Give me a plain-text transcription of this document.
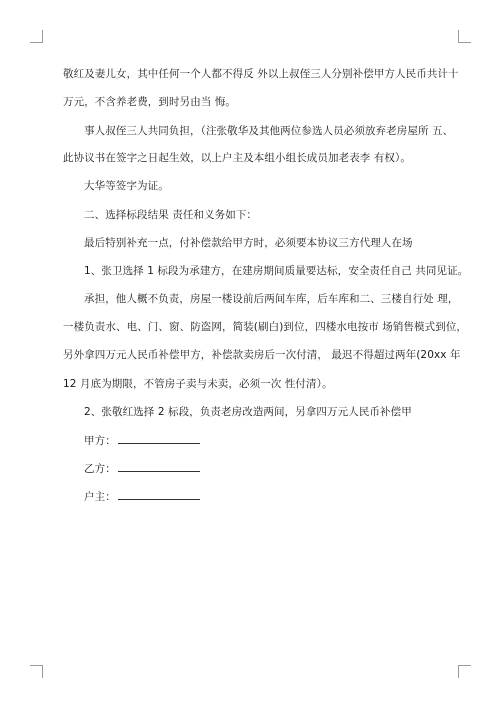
敬红及妻儿女，其中任何一个人都不得反 外以上叔侄三人分别补偿甲方人民币共计十
万元，不含养老费，到时另由当 悔。
事人叔侄三人共同负担，（注张敬华及其他两位参选人员必须放弃老房屋所 五、
此协议书在签字之日起生效，以上户主及本组小组长成员加老表李 有权）。
大华等签字为证。
二、选择标段结果 责任和义务如下：
最后特别补充一点，付补偿款给甲方时，必须要本协议三方代理人在场
1、张卫选择 1 标段为承建方，在建房期间质量要达标，安全责任自己 共同见证。
承担，他人概不负责，房屋一楼设前后两间车库，后车库和二、三楼自行处 理，
一楼负责水、电、门、窗、防盗网，简装(刷白)到位，四楼水电按市 场销售模式到位，
另外拿四万元人民币补偿甲方，补偿款卖房后一次付清， 最迟不得超过两年(20xx 年
12 月底为期限，不管房子卖与未卖，必须一次 性付清）。
2、张敬红选择 2 标段，负责老房改造两间，另拿四万元人民币补偿甲
甲方：
乙方：
户主：
